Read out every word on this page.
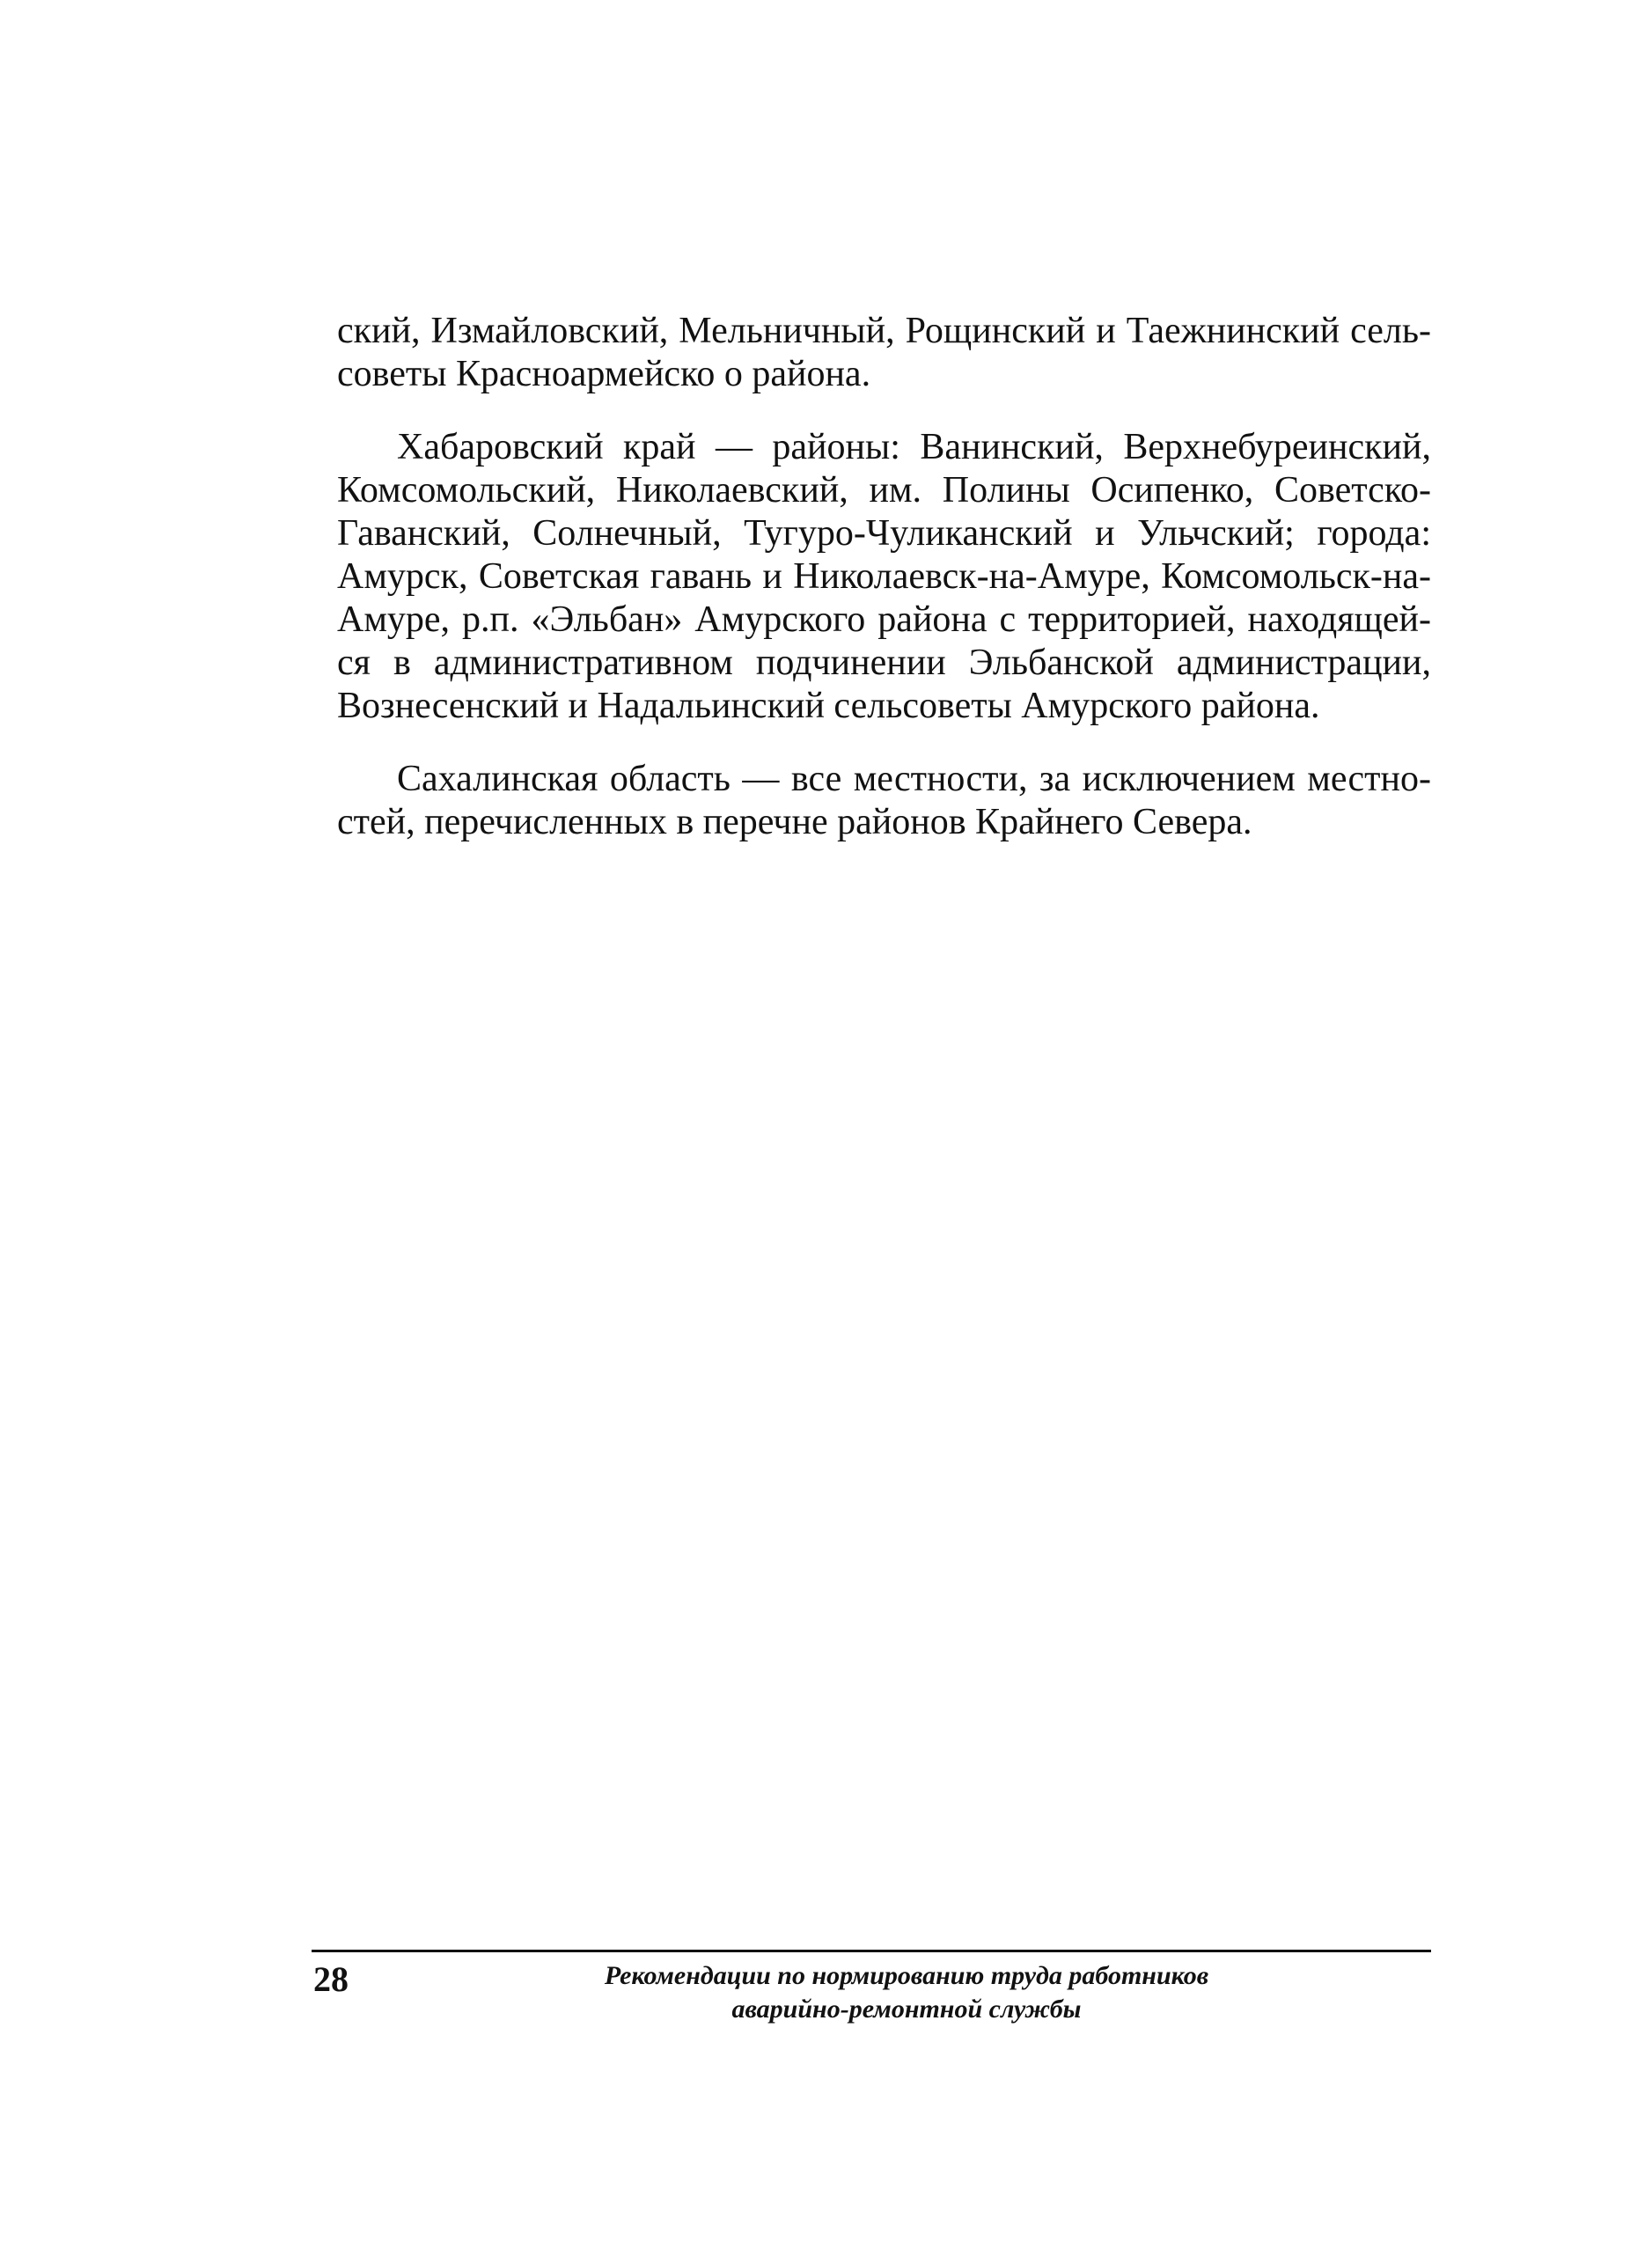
ский, Измайловский, Мельничный, Рощинский и Таежнинский сель-
советы Красноармейско о района.

Хабаровский край — районы: Ванинский, Верхнебуреинский,
Комсомольский, Николаевский, им. Полины Осипенко, Советско-
Гаванский, Солнечный, Тугуро-Чуликанский и Ульчский; города:
Амурск, Советская гавань и Николаевск-на-Амуре, Комсомольск-на-
Амуре, р.п. «Эльбан» Амурского района с территорией, находящей-
ся в административном подчинении Эльбанской администрации,
Вознесенский и Надальинский сельсоветы Амурского района.

Сахалинская область — все местности, за исключением местно-
стей, перечисленных в перечне районов Крайнего Севера.

28	Рекомендации по нормированию труда работников
аварийно-ремонтной службы
